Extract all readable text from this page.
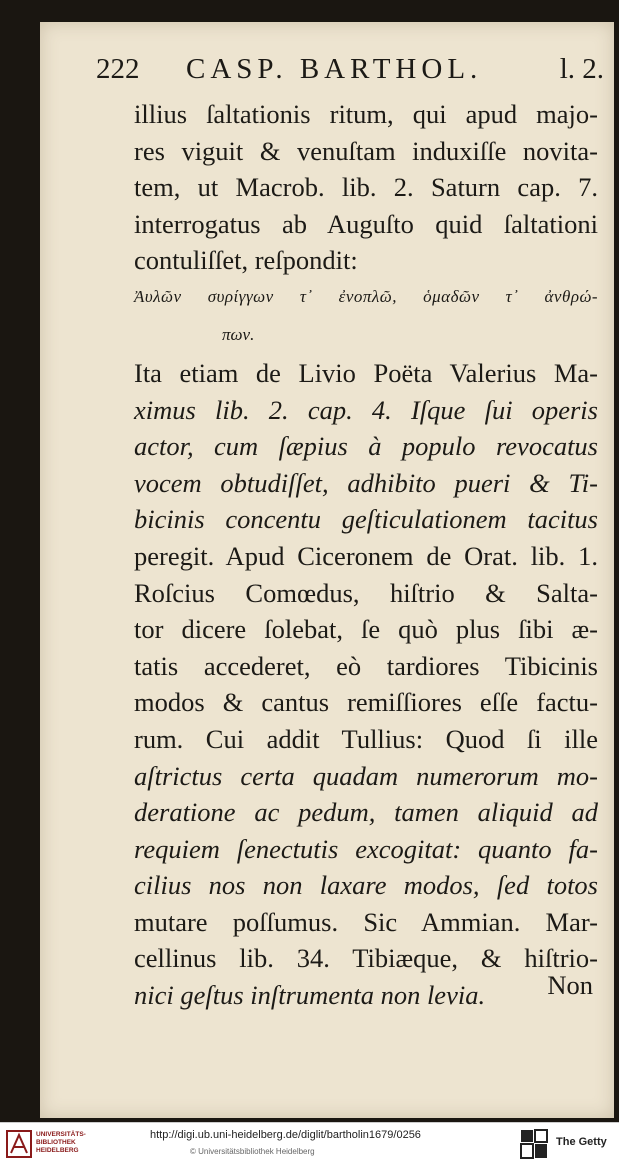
222 CASP. BARTHOL.	l. 2.
illius ſaltationis ritum, qui apud majo-
res viguit & venuſtam induxiſſe novita-
tem, ut Macrob. lib. 2. Saturn cap. 7.
interrogatus ab Auguſto quid ſaltationi
contuliſſet, reſpondit:
Ἀυλῶν συρίγγων τ᾽ ἐνοπλῶ, ὁμαδῶν τ᾽ ἀνθρώ-
πων.
Ita etiam de Livio Poëta Valerius Ma-
ximus lib. 2. cap. 4. Iſque ſui operis
actor, cum ſæpius à populo revocatus
vocem obtudiſſet, adhibito pueri & Ti-
bicinis concentu geſticulationem tacitus
peregit. Apud Ciceronem de Orat. lib. 1.
Roſcius Comœdus, hiſtrio & Salta-
tor dicere ſolebat, ſe quò plus ſibi æ-
tatis accederet, eò tardiores Tibicinis
modos & cantus remiſſiores eſſe factu-
rum. Cui addit Tullius: Quod ſi ille
aſtrictus certa quadam numerorum mo-
deratione ac pedum, tamen aliquid ad
requiem ſenectutis excogitat: quanto fa-
cilius nos non laxare modos, ſed totos
mutare poſſumus. Sic Ammian. Mar-
cellinus lib. 34. Tibiæque, & hiſtrio-
nici geſtus inſtrumenta non levia.	Non
UNIVERSITÄTS-
BIBLIOTHEK
HEIDELBERG
http://digi.ub.uni-heidelberg.de/diglit/bartholin1679/0256
© Universitätsbibliothek Heidelberg
The Getty
